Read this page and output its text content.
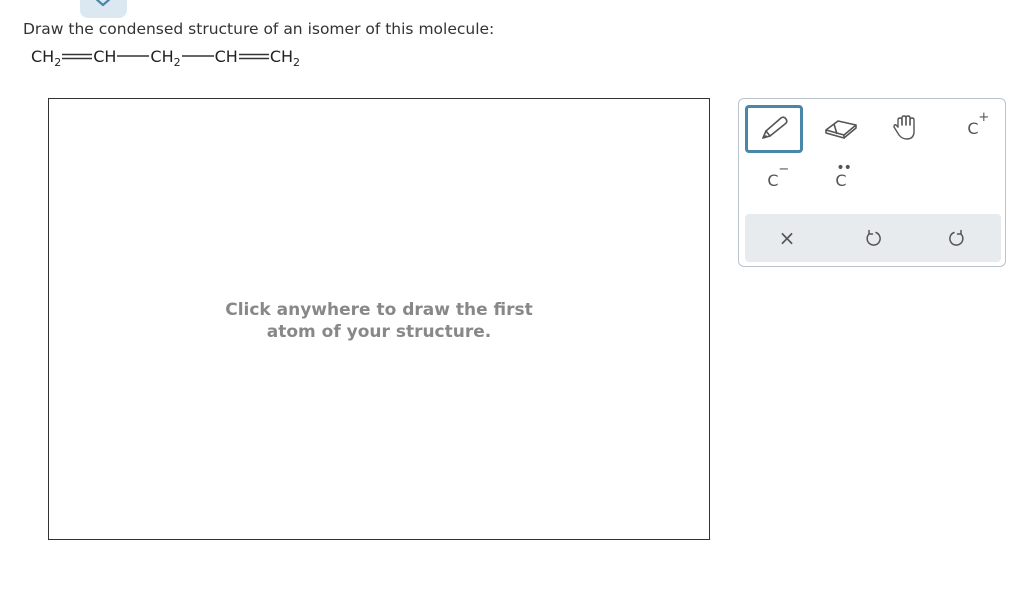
Draw the condensed structure of an isomer of this molecule:
$CH_2$ CH $CH_2$ CH $CH_2$
Click anywhere to draw the first
atom of your structure.
C
+
C
−	••
C
×
